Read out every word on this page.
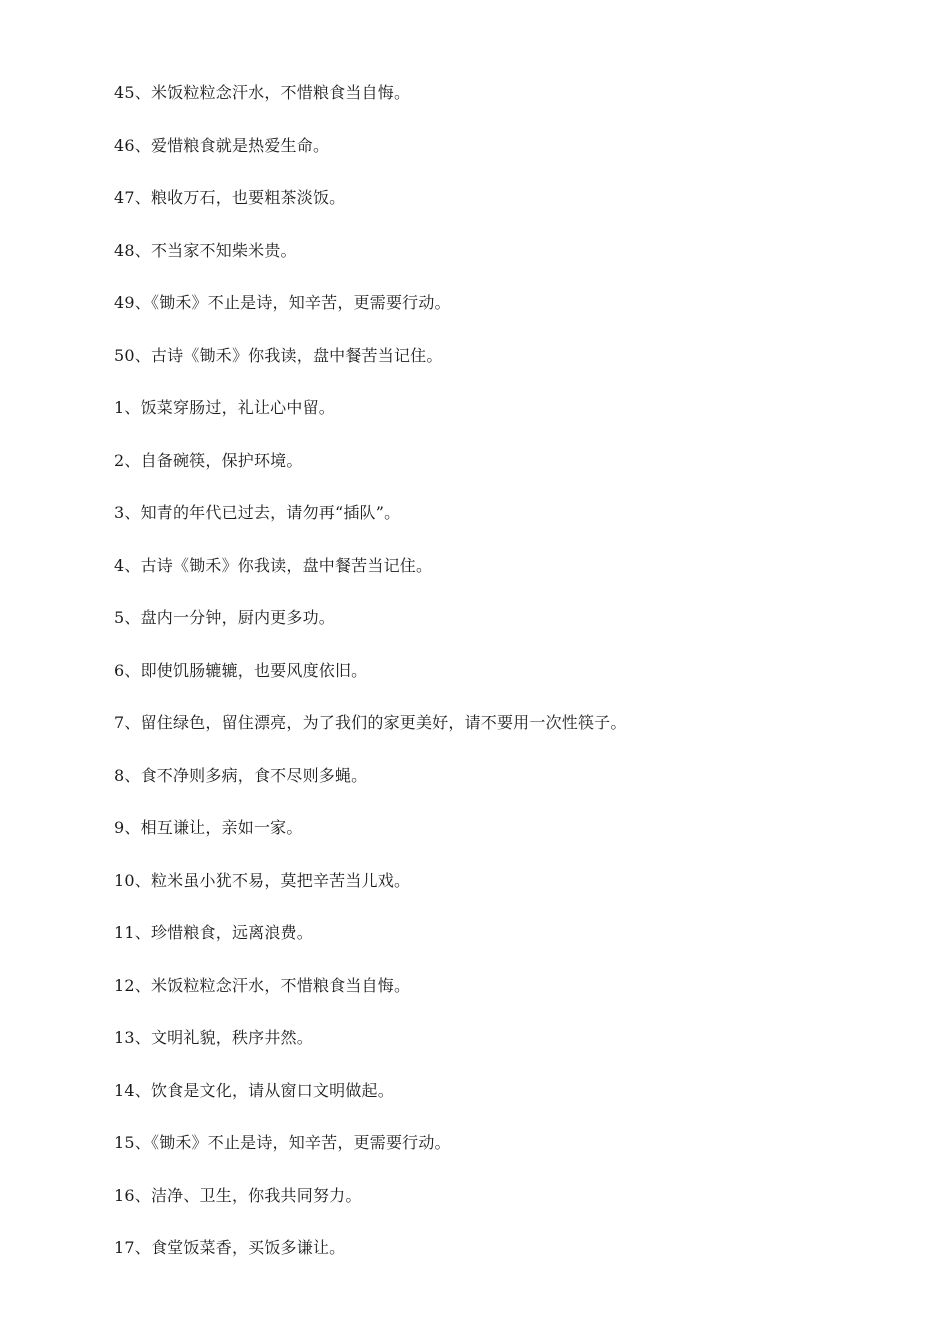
45、米饭粒粒念汗水，不惜粮食当自悔。
46、爱惜粮食就是热爱生命。
47、粮收万石，也要粗茶淡饭。
48、不当家不知柴米贵。
49、《锄禾》不止是诗，知辛苦，更需要行动。
50、古诗《锄禾》你我读，盘中餐苦当记住。
1、饭菜穿肠过，礼让心中留。
2、自备碗筷，保护环境。
3、知青的年代已过去，请勿再“插队”。
4、古诗《锄禾》你我读，盘中餐苦当记住。
5、盘内一分钟，厨内更多功。
6、即使饥肠辘辘，也要风度依旧。
7、留住绿色，留住漂亮，为了我们的家更美好，请不要用一次性筷子。
8、食不净则多病，食不尽则多蝇。
9、相互谦让，亲如一家。
10、粒米虽小犹不易，莫把辛苦当儿戏。
11、珍惜粮食，远离浪费。
12、米饭粒粒念汗水，不惜粮食当自悔。
13、文明礼貌，秩序井然。
14、饮食是文化，请从窗口文明做起。
15、《锄禾》不止是诗，知辛苦，更需要行动。
16、洁净、卫生，你我共同努力。
17、食堂饭菜香，买饭多谦让。
